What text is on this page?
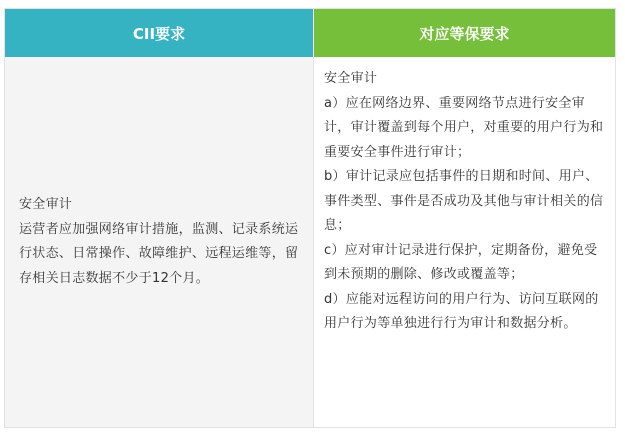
CII要求	对应等保要求
安全审计
运营者应加强网络审计措施，监测、记录系统运行状态、日常操作、故障维护、远程运维等，留存相关日志数据不少于12个月。
安全审计
a）应在网络边界、重要网络节点进行安全审计，审计覆盖到每个用户，对重要的用户行为和重要安全事件进行审计；
b）审计记录应包括事件的日期和时间、用户、事件类型、事件是否成功及其他与审计相关的信息；
c）应对审计记录进行保护，定期备份，避免受到未预期的删除、修改或覆盖等；
d）应能对远程访问的用户行为、访问互联网的用户行为等单独进行行为审计和数据分析。
